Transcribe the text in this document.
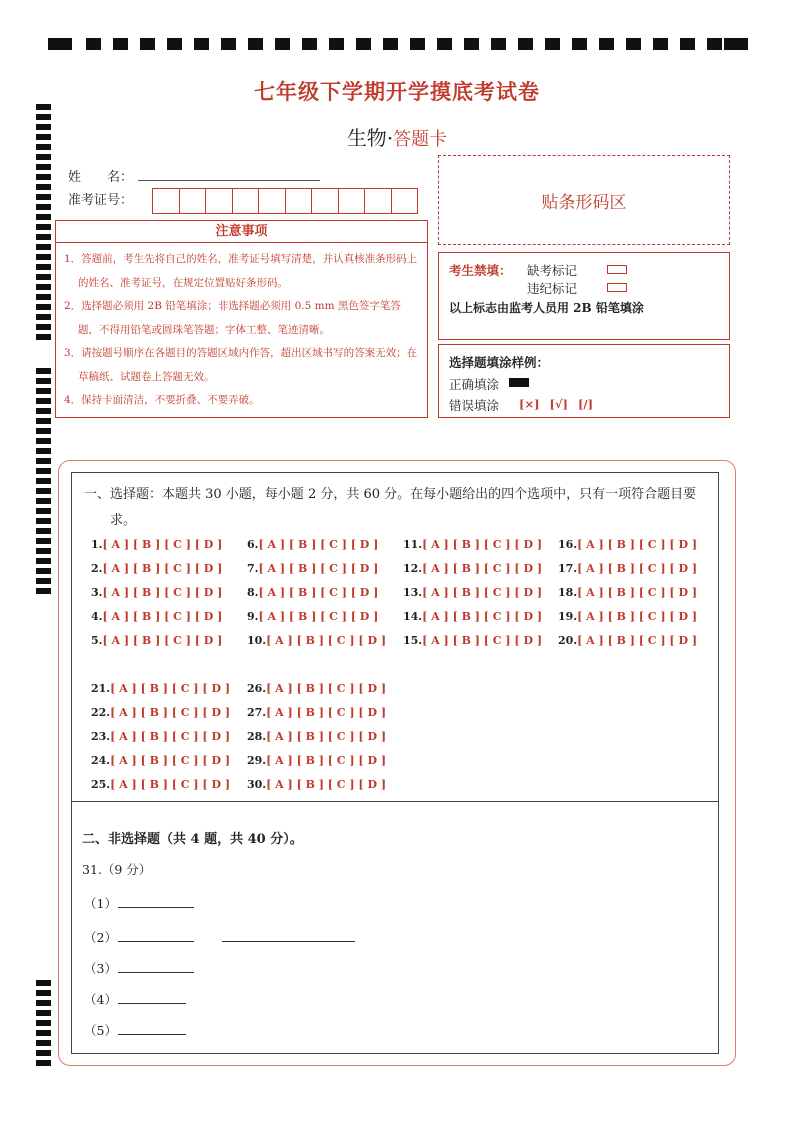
七年级下学期开学摸底考试卷
生物·答题卡
姓　　名：
准考证号：	贴条形码区
注意事项
1．答题前，考生先将自己的姓名，准考证号填写清楚，并认真核准条形码上的姓名、准考证号，在规定位置贴好条形码。
2．选择题必须用 2B 铅笔填涂；非选择题必须用 0.5 mm 黑色签字笔答题，不得用铅笔或圆珠笔答题；字体工整、笔迹清晰。
3．请按题号顺序在各题目的答题区域内作答，超出区域书写的答案无效；在草稿纸、试题卷上答题无效。
4．保持卡面清洁，不要折叠、不要弄破。
考生禁填： 缺考标记
违纪标记
以上标志由监考人员用 2B 铅笔填涂
选择题填涂样例：
正确填涂
错误填涂 [×] [√] [/]
一、选择题：本题共 30 小题，每小题 2 分，共 60 分。在每小题给出的四个选项中，只有一项符合题目要求。
1.[ A ] [ B ] [ C ] [ D ]
2.[ A ] [ B ] [ C ] [ D ]
3.[ A ] [ B ] [ C ] [ D ]
4.[ A ] [ B ] [ C ] [ D ]
5.[ A ] [ B ] [ C ] [ D ]
6.[ A ] [ B ] [ C ] [ D ]
7.[ A ] [ B ] [ C ] [ D ]
8.[ A ] [ B ] [ C ] [ D ]
9.[ A ] [ B ] [ C ] [ D ]
10.[ A ] [ B ] [ C ] [ D ]
11.[ A ] [ B ] [ C ] [ D ]
12.[ A ] [ B ] [ C ] [ D ]
13.[ A ] [ B ] [ C ] [ D ]
14.[ A ] [ B ] [ C ] [ D ]
15.[ A ] [ B ] [ C ] [ D ]
16.[ A ] [ B ] [ C ] [ D ]
17.[ A ] [ B ] [ C ] [ D ]
18.[ A ] [ B ] [ C ] [ D ]
19.[ A ] [ B ] [ C ] [ D ]
20.[ A ] [ B ] [ C ] [ D ]
21.[ A ] [ B ] [ C ] [ D ]
22.[ A ] [ B ] [ C ] [ D ]
23.[ A ] [ B ] [ C ] [ D ]
24.[ A ] [ B ] [ C ] [ D ]
25.[ A ] [ B ] [ C ] [ D ]
26.[ A ] [ B ] [ C ] [ D ]
27.[ A ] [ B ] [ C ] [ D ]
28.[ A ] [ B ] [ C ] [ D ]
29.[ A ] [ B ] [ C ] [ D ]
30.[ A ] [ B ] [ C ] [ D ]
二、非选择题（共 4 题，共 40 分）。
31.（9 分）
（1）
（2）
（3）
（4）
（5）
